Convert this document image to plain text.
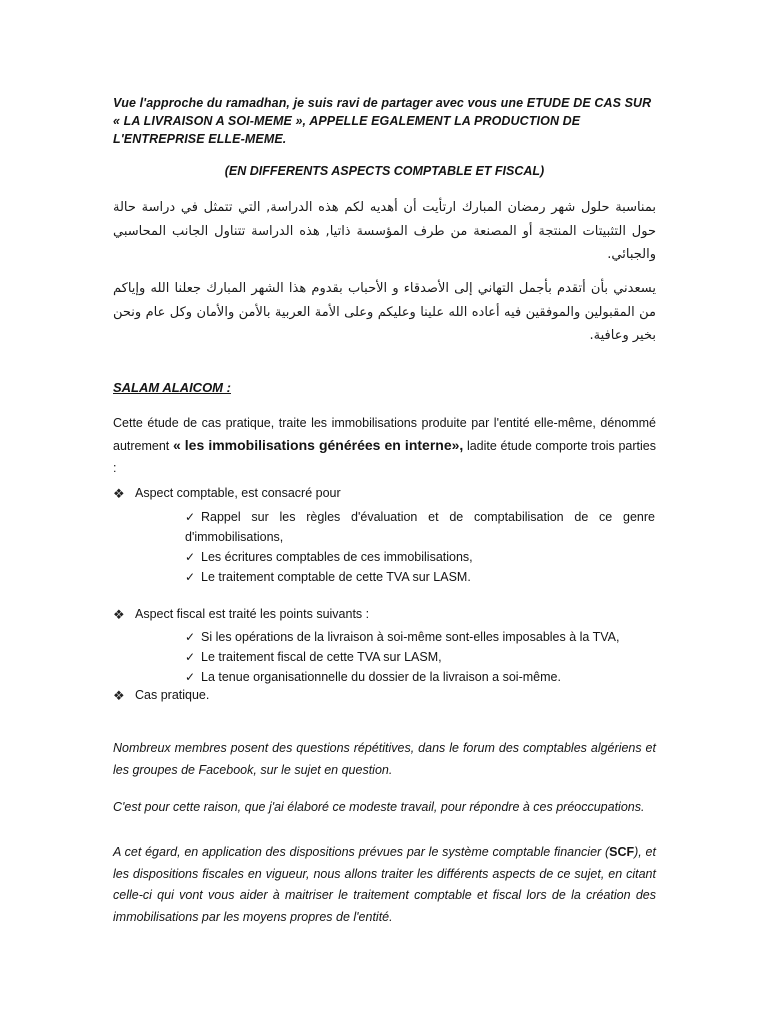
Vue l'approche du ramadhan, je suis ravi de partager avec vous une ETUDE DE CAS SUR « LA LIVRAISON A SOI-MEME », APPELLE EGALEMENT LA PRODUCTION DE L'ENTREPRISE ELLE-MEME.

(EN DIFFERENTS ASPECTS COMPTABLE ET FISCAL)

بمناسبة حلول شهر رمضان المبارك ارتأيت أن أهديه لكم هذه الدراسة, التي تتمثل في دراسة حالة حول التثبيتات المنتجة أو المصنعة من طرف المؤسسة ذاتيا, هذه الدراسة تتناول الجانب المحاسبي والجبائي.

يسعدني بأن أتقدم بأجمل التهاني إلى الأصدقاء و الأحباب بقدوم هذا الشهر المبارك جعلنا الله وإياكم من المقبولين والموفقين فيه أعاده الله علينا وعليكم وعلى الأمة العربية بالأمن والأمان وكل عام ونحن بخير وعافية.

SALAM ALAICOM :

Cette étude de cas pratique, traite les immobilisations produite par l'entité elle-même, dénommé autrement « les immobilisations générées en interne», ladite étude comporte trois parties :

❖ Aspect comptable, est consacré pour
✓ Rappel sur les règles d'évaluation et de comptabilisation de ce genre d'immobilisations,
✓ Les écritures comptables de ces immobilisations,
✓ Le traitement comptable de cette TVA sur LASM.
❖ Aspect fiscal est traité les points suivants :
✓ Si les opérations de la livraison à soi-même sont-elles imposables à la TVA,
✓ Le traitement fiscal de cette TVA sur LASM,
✓ La tenue organisationnelle du dossier de la livraison a soi-même.
❖ Cas pratique.

Nombreux membres posent des questions répétitives, dans le forum des comptables algériens et les groupes de Facebook, sur le sujet en question.

C'est pour cette raison, que j'ai élaboré ce modeste travail, pour répondre à ces préoccupations.

A cet égard, en application des dispositions prévues par le système comptable financier (SCF), et les dispositions fiscales en vigueur, nous allons traiter les différents aspects de ce sujet, en citant celle-ci qui vont vous aider à maitriser le traitement comptable et fiscal lors de la création des immobilisations par les moyens propres de l'entité.
